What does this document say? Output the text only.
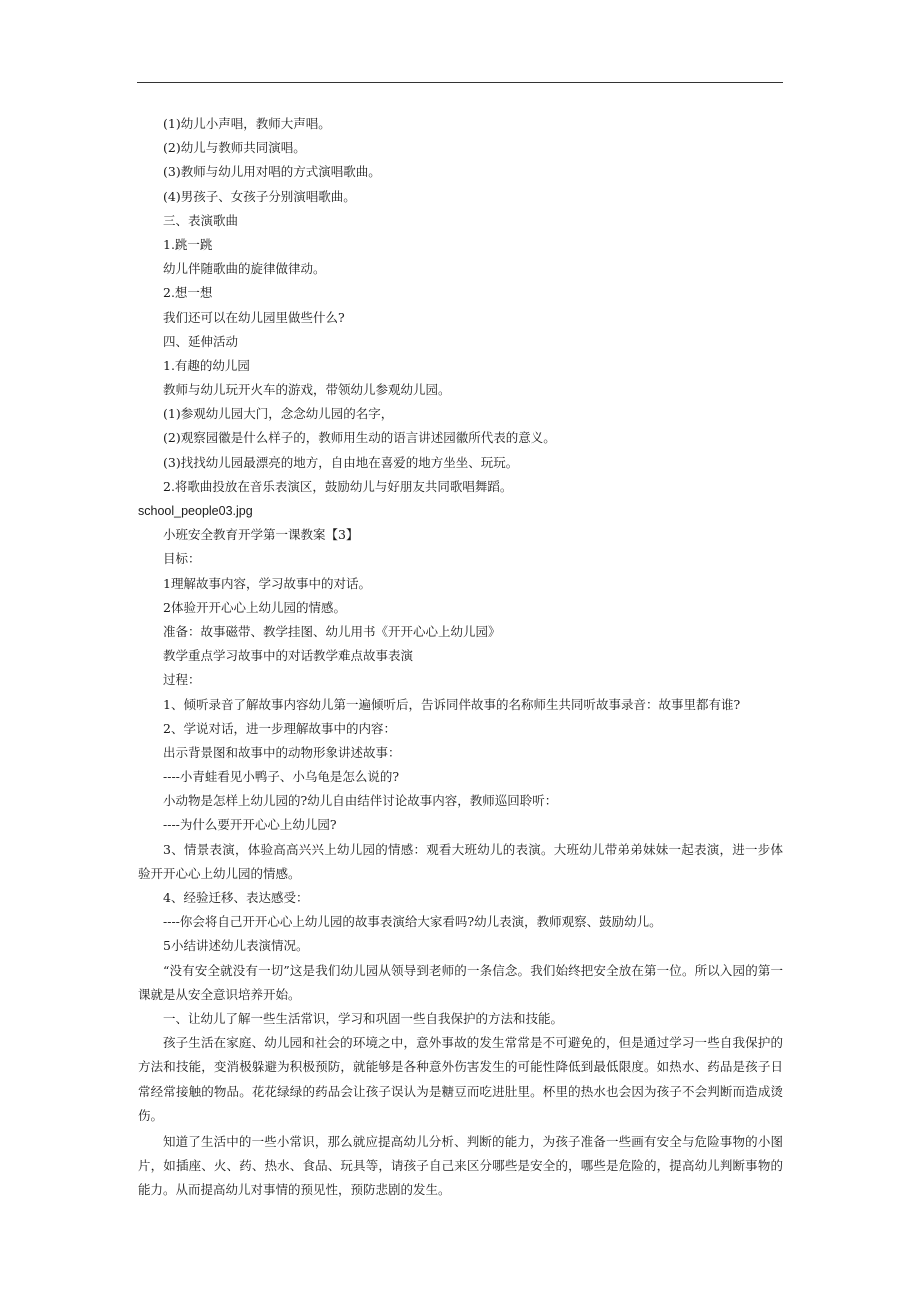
(1)幼儿小声唱，教师大声唱。
(2)幼儿与教师共同演唱。
(3)教师与幼儿用对唱的方式演唱歌曲。
(4)男孩子、女孩子分别演唱歌曲。
三、表演歌曲
1.跳一跳
幼儿伴随歌曲的旋律做律动。
2.想一想
我们还可以在幼儿园里做些什么?
四、延伸活动
1.有趣的幼儿园
教师与幼儿玩开火车的游戏，带领幼儿参观幼儿园。
(1)参观幼儿园大门，念念幼儿园的名字，
(2)观察园徽是什么样子的，教师用生动的语言讲述园徽所代表的意义。
(3)找找幼儿园最漂亮的地方，自由地在喜爱的地方坐坐、玩玩。
2.将歌曲投放在音乐表演区，鼓励幼儿与好朋友共同歌唱舞蹈。
school_people03.jpg
小班安全教育开学第一课教案【3】
目标：
1理解故事内容，学习故事中的对话。
2体验开开心心上幼儿园的情感。
准备：故事磁带、教学挂图、幼儿用书《开开心心上幼儿园》
教学重点学习故事中的对话教学难点故事表演
过程：
1、倾听录音了解故事内容幼儿第一遍倾听后，告诉同伴故事的名称师生共同听故事录音：故事里都有谁?
2、学说对话，进一步理解故事中的内容：
出示背景图和故事中的动物形象讲述故事：
----小青蛙看见小鸭子、小乌龟是怎么说的?
小动物是怎样上幼儿园的?幼儿自由结伴讨论故事内容，教师巡回聆听：
----为什么要开开心心上幼儿园?
3、情景表演，体验高高兴兴上幼儿园的情感：观看大班幼儿的表演。大班幼儿带弟弟妹妹一起表演，进一步体验开开心心上幼儿园的情感。
4、经验迁移、表达感受：
----你会将自己开开心心上幼儿园的故事表演给大家看吗?幼儿表演，教师观察、鼓励幼儿。
5小结讲述幼儿表演情况。
“没有安全就没有一切”这是我们幼儿园从领导到老师的一条信念。我们始终把安全放在第一位。所以入园的第一课就是从安全意识培养开始。
一、让幼儿了解一些生活常识，学习和巩固一些自我保护的方法和技能。
孩子生活在家庭、幼儿园和社会的环境之中，意外事故的发生常常是不可避免的，但是通过学习一些自我保护的方法和技能，变消极躲避为积极预防，就能够是各种意外伤害发生的可能性降低到最低限度。如热水、药品是孩子日常经常接触的物品。花花绿绿的药品会让孩子误认为是糖豆而吃进肚里。杯里的热水也会因为孩子不会判断而造成烫伤。
知道了生活中的一些小常识，那么就应提高幼儿分析、判断的能力，为孩子准备一些画有安全与危险事物的小图片，如插座、火、药、热水、食品、玩具等，请孩子自己来区分哪些是安全的，哪些是危险的，提高幼儿判断事物的能力。从而提高幼儿对事情的预见性，预防悲剧的发生。
